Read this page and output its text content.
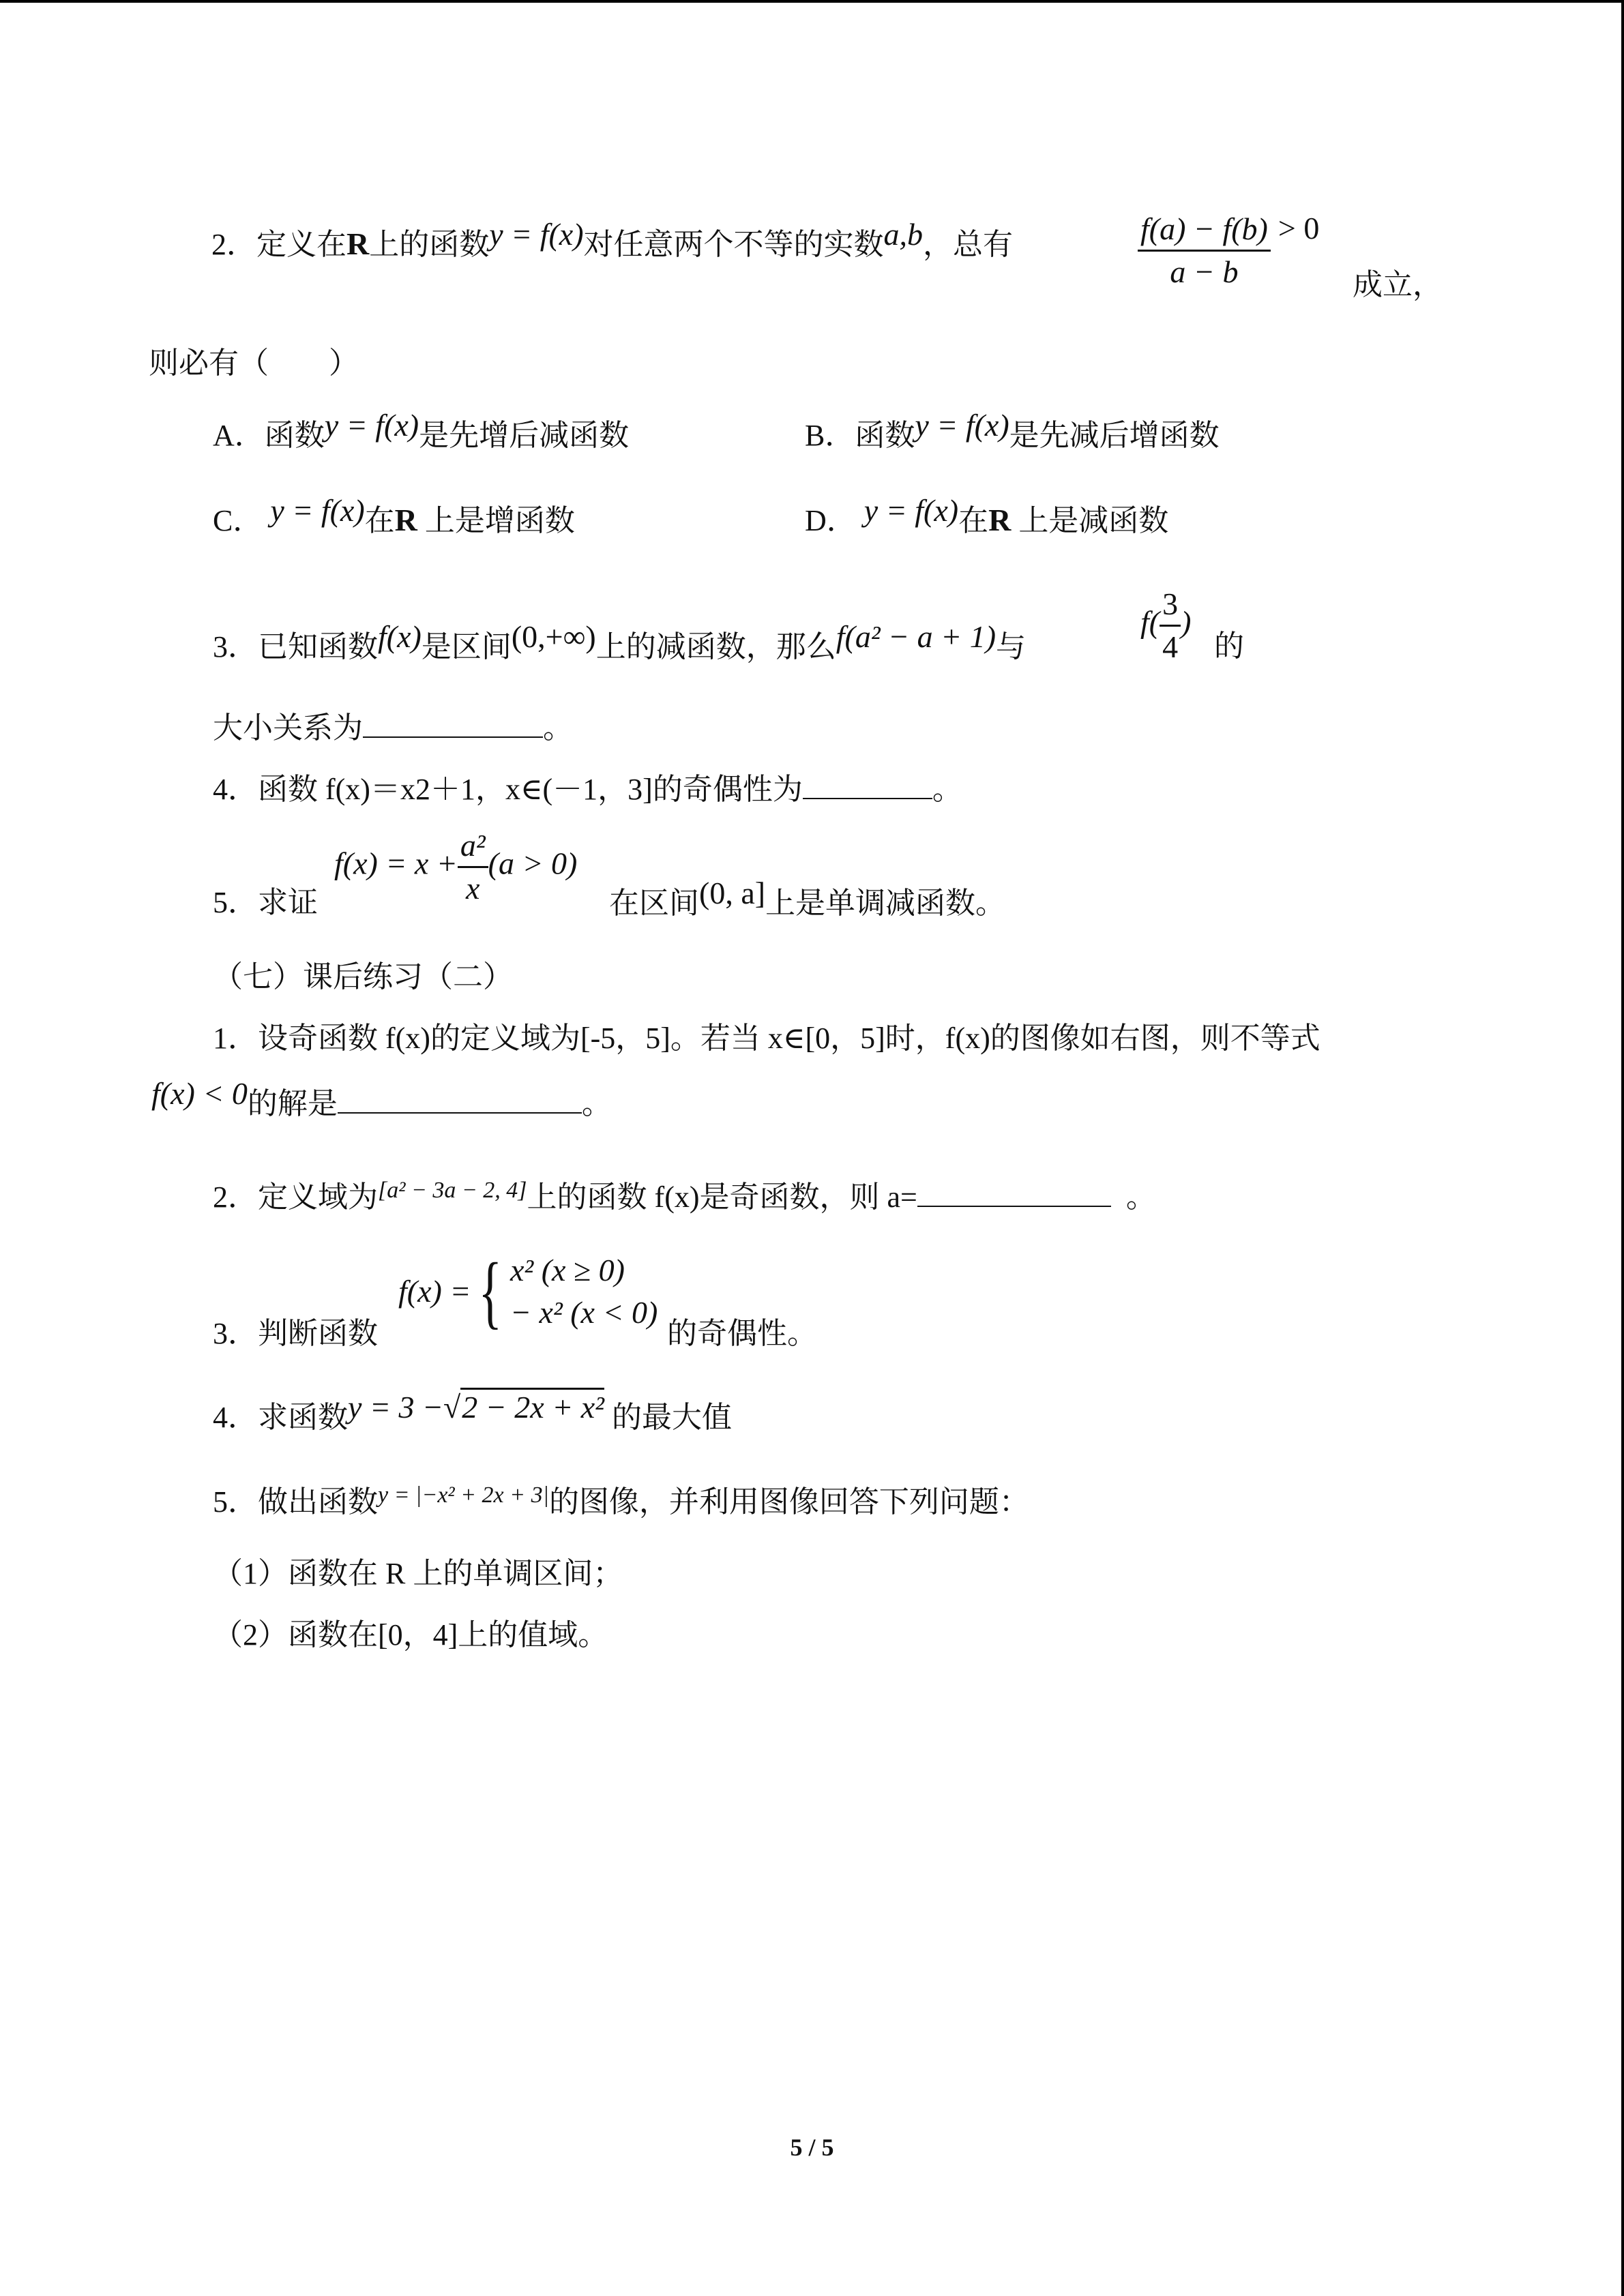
2．定义在R上的函数y = f(x)对任意两个不等的实数a,b，总有	$\frac{f(a) - f(b)}{a - b} > 0$
成立，
则必有（　　）
A．函数y = f(x)是先增后减函数	B．函数y = f(x)是先减后增函数
C． y = f(x)在R 上是增函数	D． y = f(x)在R 上是减函数
3．已知函数f(x)是区间(0,+∞)上的减函数，那么f(a² − a + 1)与
$f( \frac{3}{4}$ )
的
大小关系为	。
4．函数 f(x)＝x2＋1，x∈(－1，3]的奇偶性为	。
5．求证
$f(x) = x + \frac{\text{a²}}{x} (a > 0)$
在区间(0, a]上是单调减函数。
（七）课后练习（二）
1．设奇函数 f(x)的定义域为[-5，5]。若当 x∈[0，5]时，f(x)的图像如右图，则不等式
f(x) < 0的解是	。
2．定义域为[a² − 3a − 2, 4]上的函数 f(x)是奇函数，则 a=	。
3．判断函数
f(x) ={ x² (x ≥ 0)
− x² (x < 0)
的奇偶性。
4．求函数y = 3 −√2 − 2x + x² 的最大值
5．做出函数$^{y = |-x^2 + 2x + 3|}$的图像，并利用图像回答下列问题：
（1）函数在 R 上的单调区间；
（2）函数在[0，4]上的值域。
5 / 5
